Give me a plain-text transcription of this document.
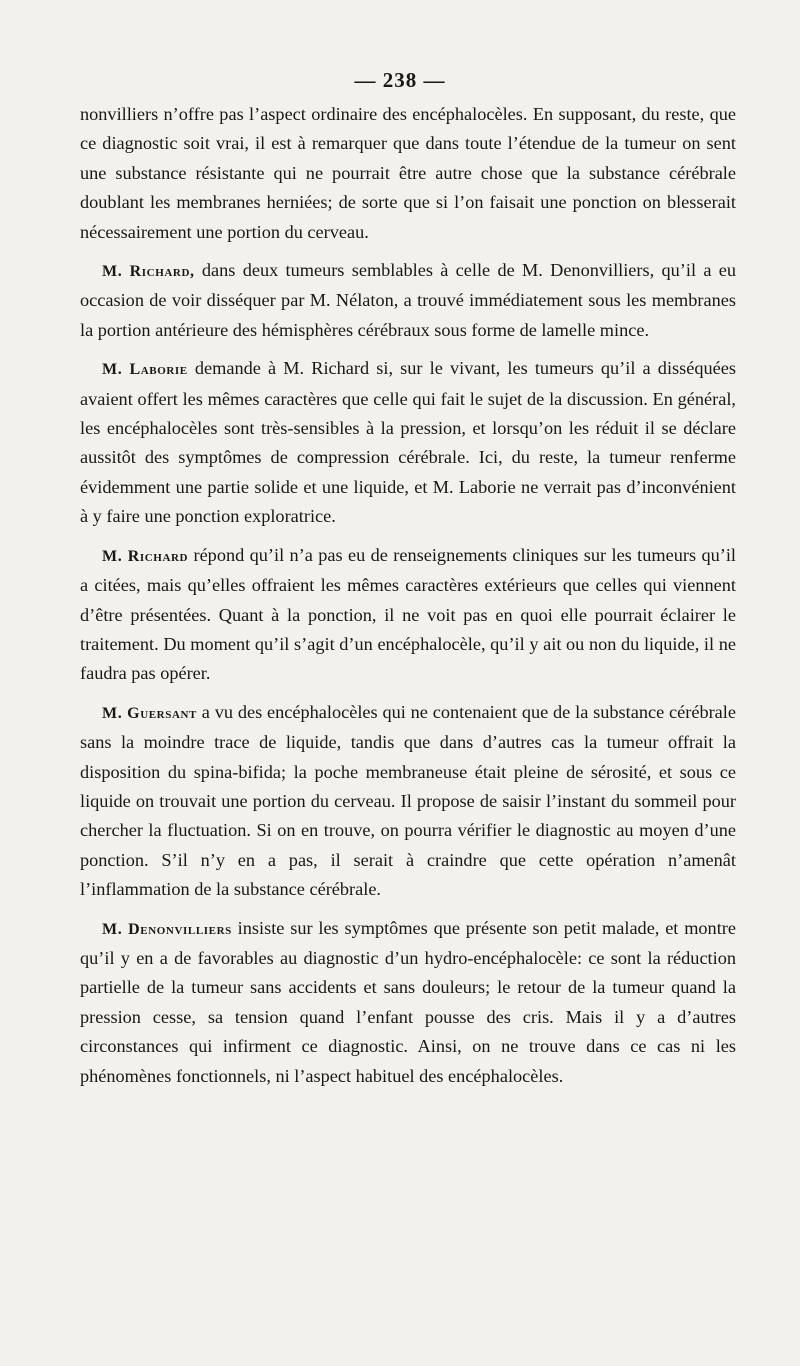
— 238 —

nonvilliers n’offre pas l’aspect ordinaire des encéphalocèles. En supposant, du reste, que ce diagnostic soit vrai, il est à remarquer que dans toute l’étendue de la tumeur on sent une substance résistante qui ne pourrait être autre chose que la substance cérébrale doublant les membranes herniées; de sorte que si l’on faisait une ponction on blesserait nécessairement une portion du cerveau.

M. Richard, dans deux tumeurs semblables à celle de M. Denonvilliers, qu’il a eu occasion de voir disséquer par M. Nélaton, a trouvé immédiatement sous les membranes la portion antérieure des hémisphères cérébraux sous forme de lamelle mince.

M. Laborie demande à M. Richard si, sur le vivant, les tumeurs qu’il a disséquées avaient offert les mêmes caractères que celle qui fait le sujet de la discussion. En général, les encéphalocèles sont très-sensibles à la pression, et lorsqu’on les réduit il se déclare aussitôt des symptômes de compression cérébrale. Ici, du reste, la tumeur renferme évidemment une partie solide et une liquide, et M. Laborie ne verrait pas d’inconvénient à y faire une ponction exploratrice.

M. Richard répond qu’il n’a pas eu de renseignements cliniques sur les tumeurs qu’il a citées, mais qu’elles offraient les mêmes caractères extérieurs que celles qui viennent d’être présentées. Quant à la ponction, il ne voit pas en quoi elle pourrait éclairer le traitement. Du moment qu’il s’agit d’un encéphalocèle, qu’il y ait ou non du liquide, il ne faudra pas opérer.

M. Guersant a vu des encéphalocèles qui ne contenaient que de la substance cérébrale sans la moindre trace de liquide, tandis que dans d’autres cas la tumeur offrait la disposition du spina-bifida; la poche membraneuse était pleine de sérosité, et sous ce liquide on trouvait une portion du cerveau. Il propose de saisir l’instant du sommeil pour chercher la fluctuation. Si on en trouve, on pourra vérifier le diagnostic au moyen d’une ponction. S’il n’y en a pas, il serait à craindre que cette opération n’amenât l’inflammation de la substance cérébrale.

M. Denonvilliers insiste sur les symptômes que présente son petit malade, et montre qu’il y en a de favorables au diagnostic d’un hydro-encéphalocèle: ce sont la réduction partielle de la tumeur sans accidents et sans douleurs; le retour de la tumeur quand la pression cesse, sa tension quand l’enfant pousse des cris. Mais il y a d’autres circonstances qui infirment ce diagnostic. Ainsi, on ne trouve dans ce cas ni les phénomènes fonctionnels, ni l’aspect habituel des encéphalocèles.
